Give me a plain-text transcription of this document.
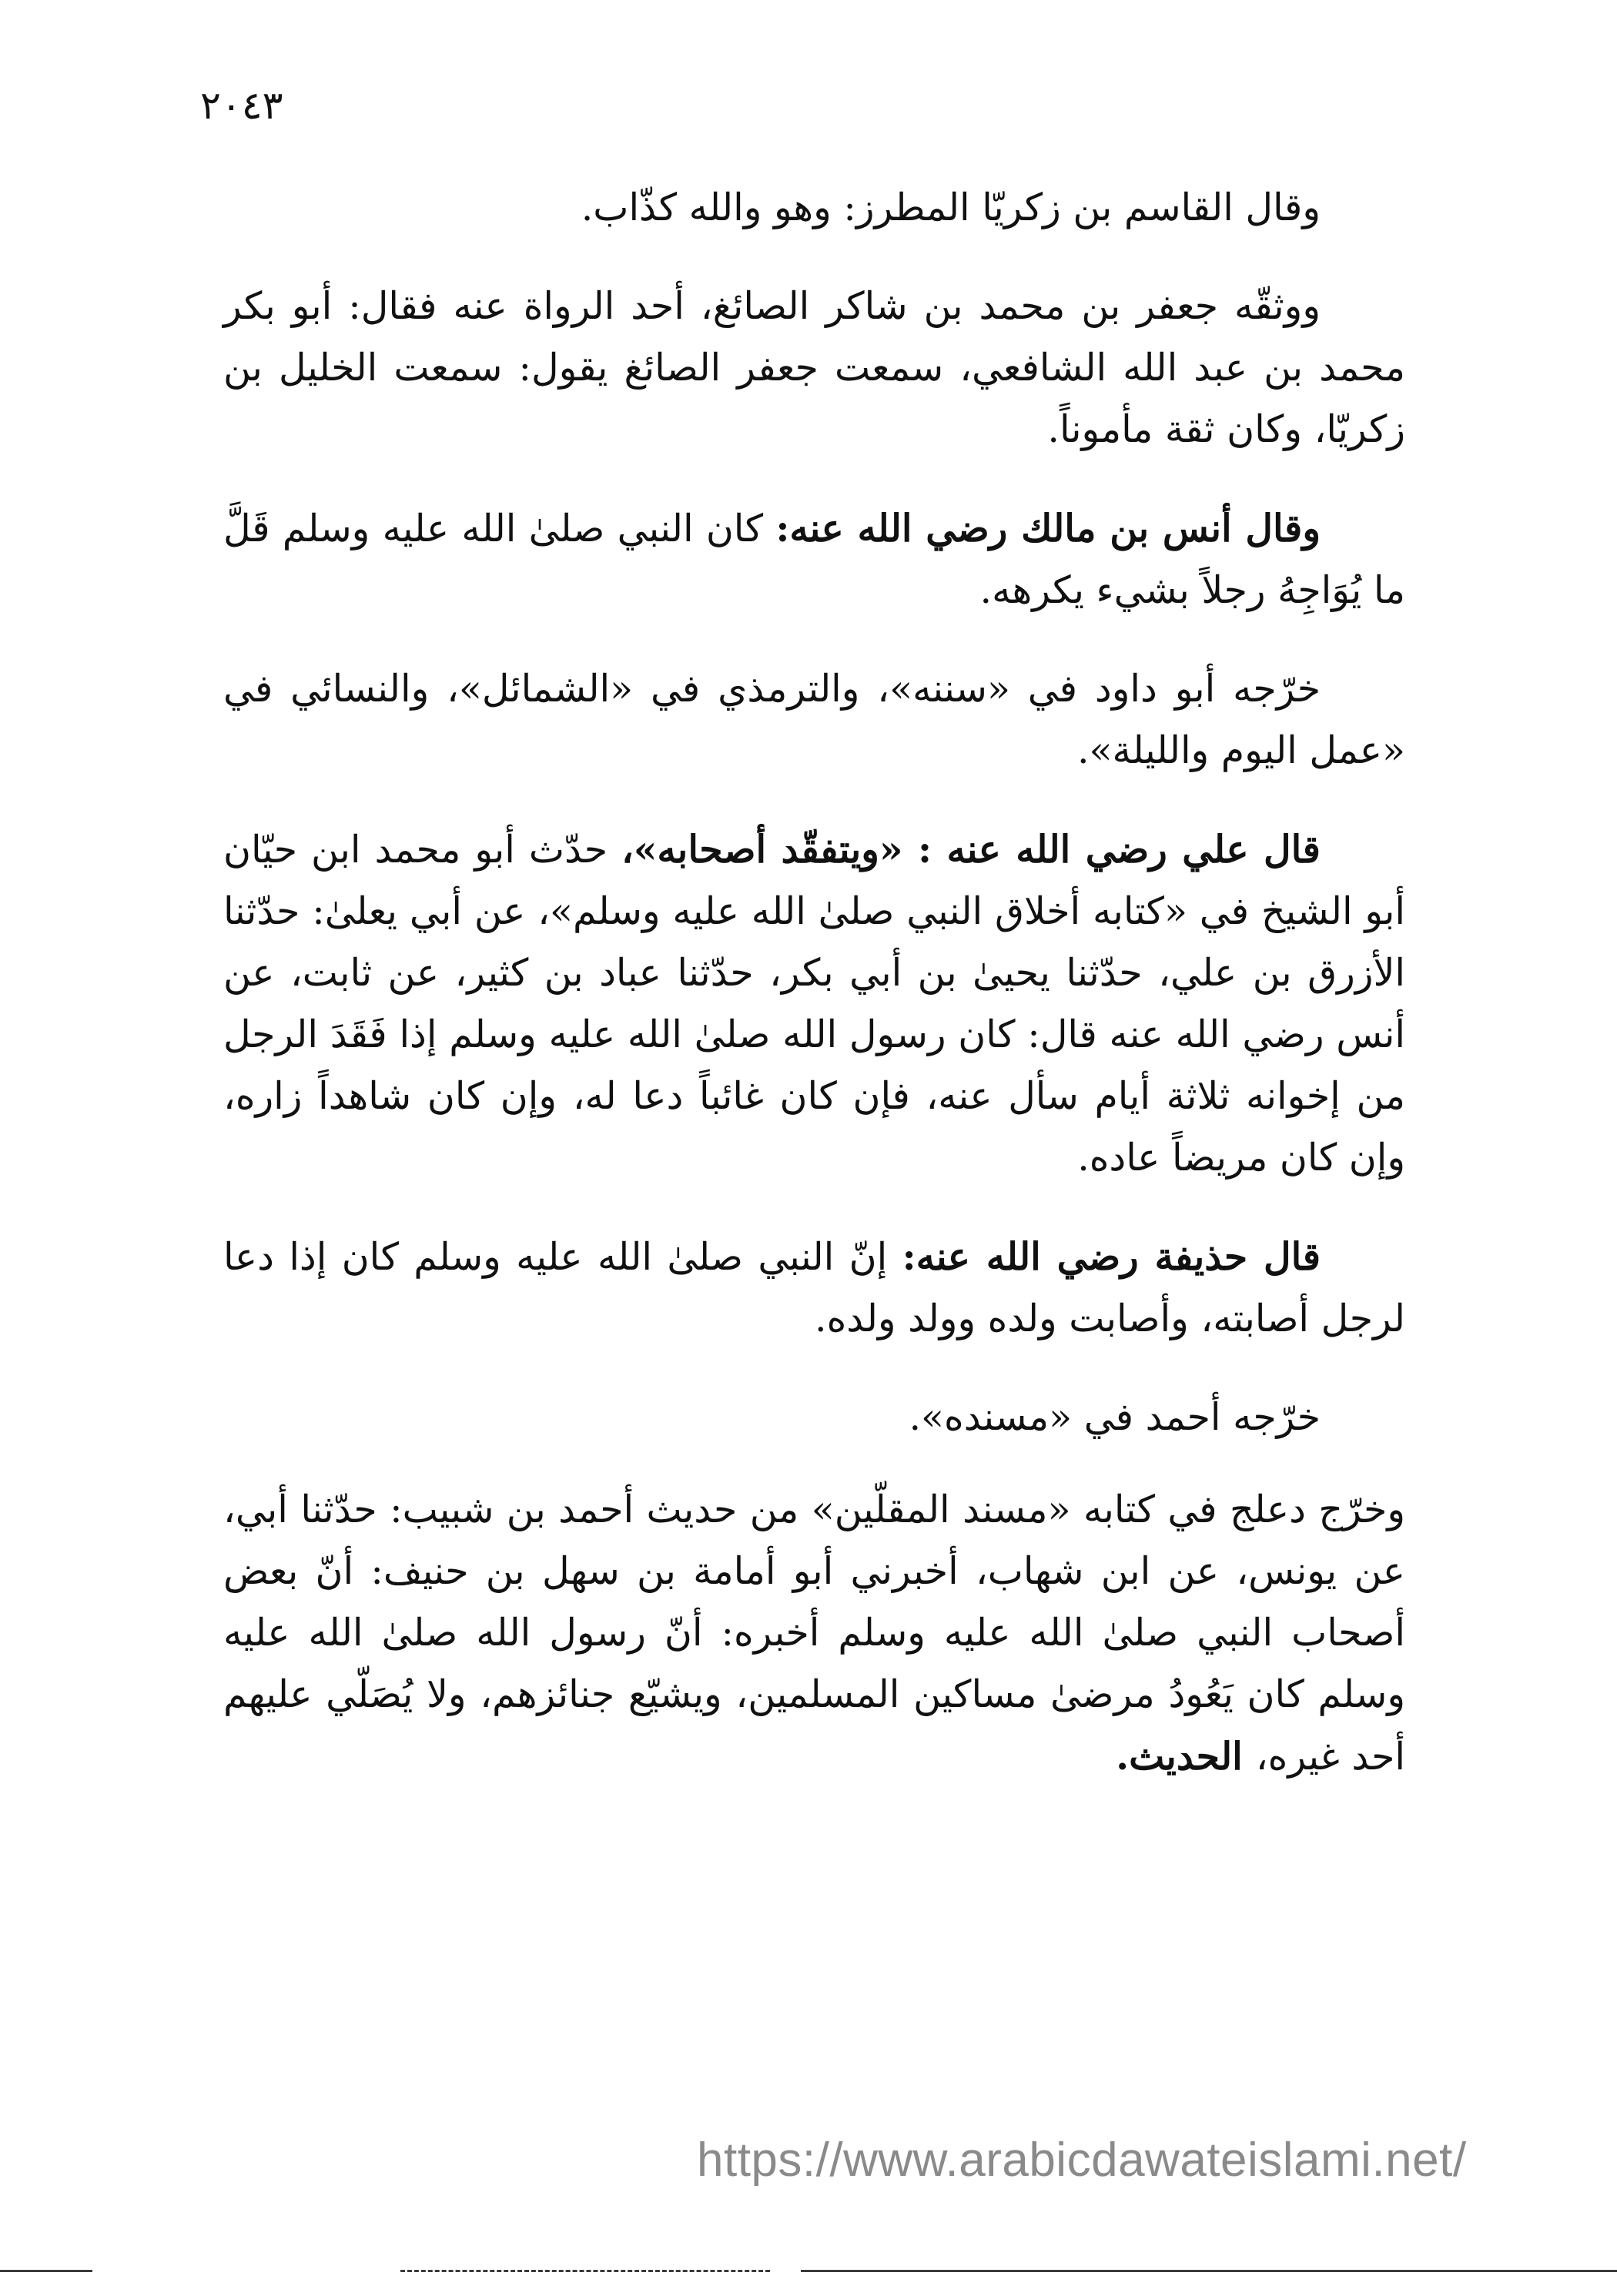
٢٠٤٣

وقال القاسم بن زكريّا المطرز: وهو والله كذّاب.

ووثقّه جعفر بن محمد بن شاكر الصائغ، أحد الرواة عنه فقال: أبو بكر محمد بن عبد الله الشافعي، سمعت جعفر الصائغ يقول: سمعت الخليل بن زكريّا، وكان ثقة مأموناً.

وقال أنس بن مالك رضي الله عنه: كان النبي صلىٰ الله عليه وسلم قَلَّ ما يُوَاجِهُ رجلاً بشيء يكرهه.

خرّجه أبو داود في «سننه»، والترمذي في «الشمائل»، والنسائي في «عمل اليوم والليلة».

قال علي رضي الله عنه : «ويتفقّد أصحابه»، حدّث أبو محمد ابن حيّان أبو الشيخ في «كتابه أخلاق النبي صلىٰ الله عليه وسلم»، عن أبي يعلىٰ: حدّثنا الأزرق بن علي، حدّثنا يحيىٰ بن أبي بكر، حدّثنا عباد بن كثير، عن ثابت، عن أنس رضي الله عنه قال: كان رسول الله صلىٰ الله عليه وسلم إذا فَقَدَ الرجل من إخوانه ثلاثة أيام سأل عنه، فإن كان غائباً دعا له، وإن كان شاهداً زاره، وإن كان مريضاً عاده.

قال حذيفة رضي الله عنه: إنّ النبي صلىٰ الله عليه وسلم كان إذا دعا لرجل أصابته، وأصابت ولده وولد ولده.

خرّجه أحمد في «مسنده».

وخرّج دعلج في كتابه «مسند المقلّين» من حديث أحمد بن شبيب: حدّثنا أبي، عن يونس، عن ابن شهاب، أخبرني أبو أمامة بن سهل بن حنيف: أنّ بعض أصحاب النبي صلىٰ الله عليه وسلم أخبره: أنّ رسول الله صلىٰ الله عليه وسلم كان يَعُودُ مرضىٰ مساكين المسلمين، ويشيّع جنائزهم، ولا يُصَلّي عليهم أحد غيره، الحديث.

https://www.arabicdawateislami.net/
